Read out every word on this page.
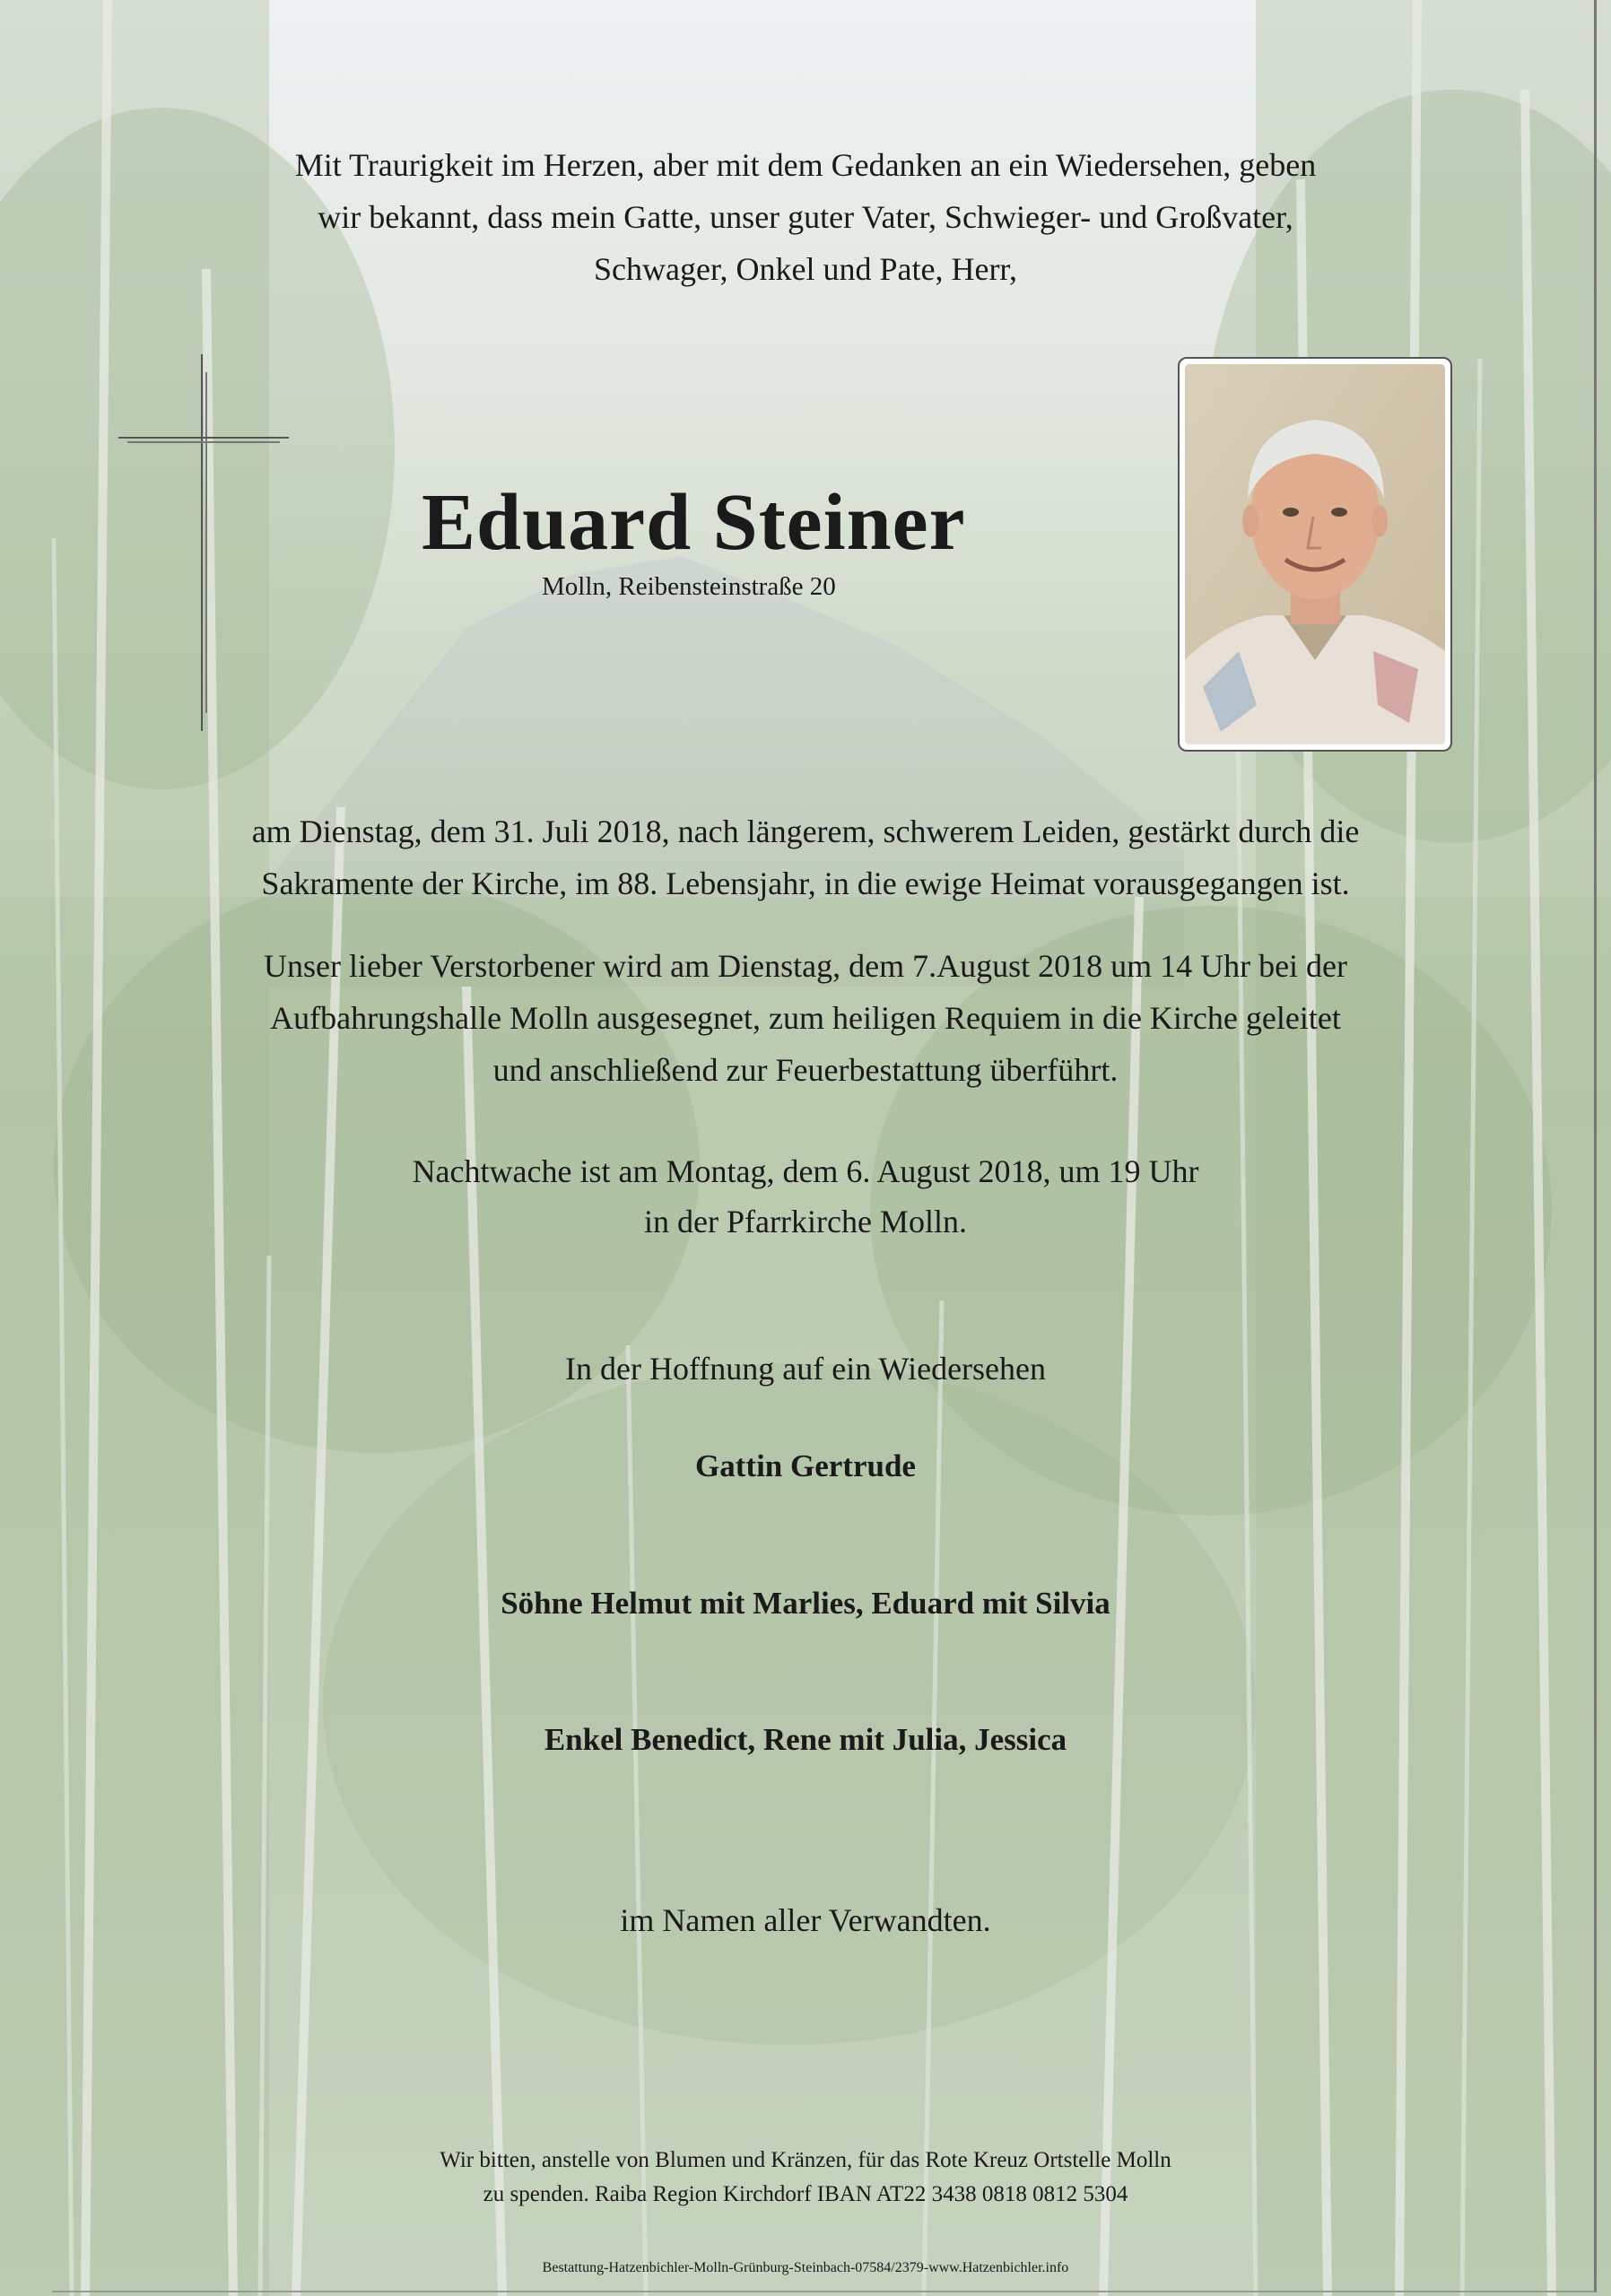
Mit Traurigkeit im Herzen, aber mit dem Gedanken an ein Wiedersehen, geben
wir bekannt, dass mein Gatte, unser guter Vater, Schwieger- und Großvater,
Schwager, Onkel und Pate, Herr,
Eduard Steiner
Molln, Reibensteinstraße 20
am Dienstag, dem 31. Juli 2018, nach längerem, schwerem Leiden, gestärkt durch die
Sakramente der Kirche, im 88. Lebensjahr, in die ewige Heimat vorausgegangen ist.
Unser lieber Verstorbener wird am Dienstag, dem 7.August 2018 um 14 Uhr bei der
Aufbahrungshalle Molln ausgesegnet, zum heiligen Requiem in die Kirche geleitet
und anschließend zur Feuerbestattung überführt.
Nachtwache ist am Montag, dem 6. August 2018, um 19 Uhr
in der Pfarrkirche Molln.
In der Hoffnung auf ein Wiedersehen
Gattin Gertrude
Söhne Helmut mit Marlies, Eduard mit Silvia
Enkel Benedict, Rene mit Julia, Jessica
im Namen aller Verwandten.
Wir bitten, anstelle von Blumen und Kränzen, für das Rote Kreuz Ortstelle Molln
zu spenden. Raiba Region Kirchdorf IBAN AT22 3438 0818 0812 5304
Bestattung-Hatzenbichler-Molln-Grünburg-Steinbach-07584/2379-www.Hatzenbichler.info
